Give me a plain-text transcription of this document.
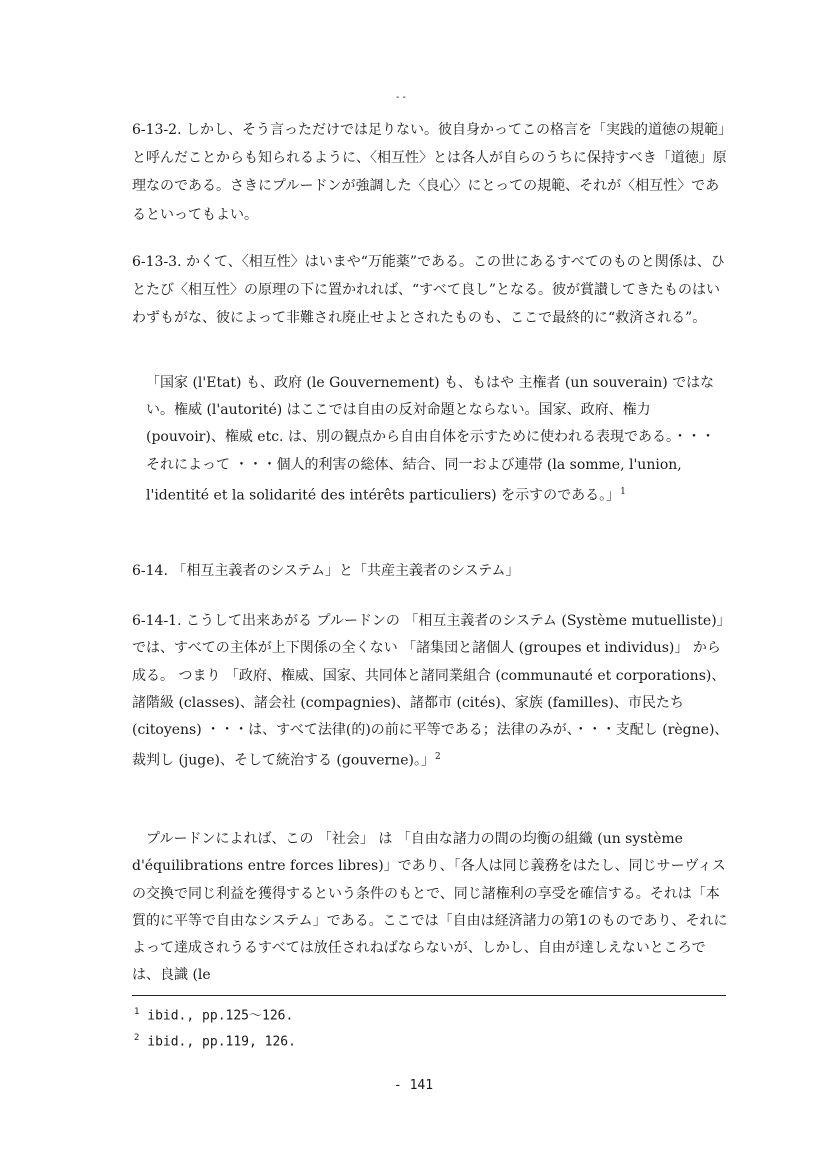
- -

6-13-2. しかし、そう言っただけでは足りない。彼自身かってこの格言を「実践的道徳の規範」と呼んだことからも知られるように、〈相互性〉とは各人が自らのうちに保持すべき「道徳」原理なのである。さきにプルードンが強調した〈良心〉にとっての規範、それが〈相互性〉であるといってもよい。

6-13-3. かくて、〈相互性〉はいまや“万能薬”である。この世にあるすべてのものと関係は、ひとたび〈相互性〉の原理の下に置かれれば、“すべて良し”となる。彼が賞讃してきたものはいわずもがな、彼によって非難され廃止せよとされたものも、ここで最終的に“救済される”。

「国家 (l'Etat) も、政府 (le Gouvernement) も、もはや 主権者 (un souverain) ではない。権威 (l'autorité) はここでは自由の反対命題とならない。国家、政府、権力 (pouvoir)、権威 etc. は、別の観点から自由自体を示すために使われる表現である。・・・ それによって ・・・個人的利害の総体、結合、同一および連帯 (la somme, l'union, l'identité et la solidarité des intérêts particuliers) を示すのである。」$^1$

6-14. 「相互主義者のシステム」と「共産主義者のシステム」

6-14-1. こうして出来あがる プルードンの 「相互主義者のシステム (Système mutuelliste)」 では、すべての主体が上下関係の全くない 「諸集団と諸個人 (groupes et individus)」 から成る。 つまり 「政府、権威、国家、共同体と諸同業組合 (communauté et corporations)、諸階級 (classes)、諸会社 (compagnies)、諸都市 (cités)、家族 (familles)、市民たち (citoyens) ・・・は、すべて法律(的)の前に平等である；法律のみが、・・・支配し (règne)、裁判し (juge)、そして統治する (gouverne)。」$^2$

プルードンによれば、この 「社会」 は 「自由な諸力の間の均衡の組織 (un système d'équilibrations entre forces libres)」であり、「各人は同じ義務をはたし、同じサーヴィスの交換で同じ利益を獲得するという条件のもとで、同じ諸権利の享受を確信する。それは「本質的に平等で自由なシステム」である。ここでは「自由は経済諸力の第1のものであり、それによって達成されうるすべては放任されねばならないが、しかし、自由が達しえないところでは、良識 (le

$^1$ ibid., pp.125～126.
$^2$ ibid., pp.119, 126.
- 141
